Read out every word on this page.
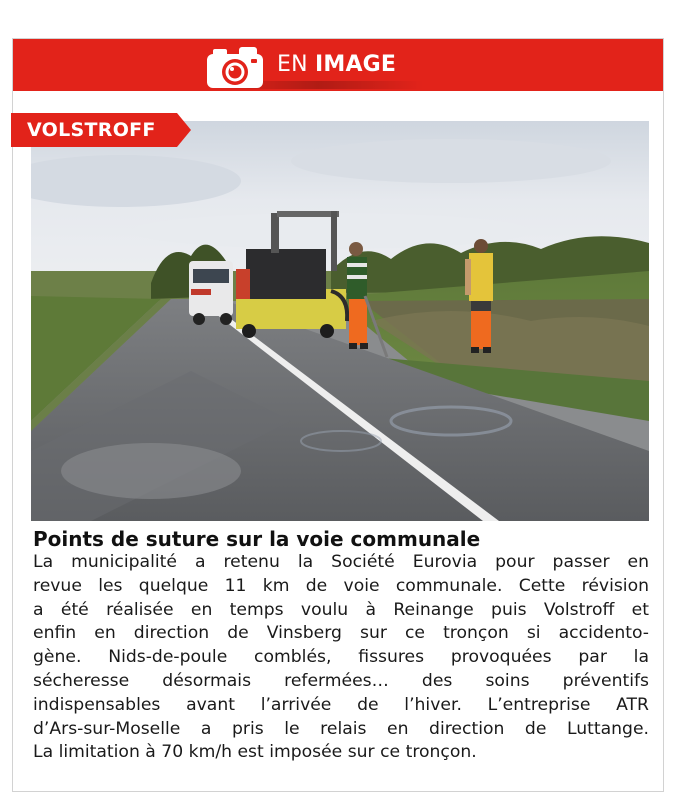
EN IMAGE
VOLSTROFF
Points de suture sur la voie communale
La municipalité a retenu la Société Eurovia pour passer en
revue les quelque 11 km de voie communale. Cette révision
a été réalisée en temps voulu à Reinange puis Volstroff et
enfin en direction de Vinsberg sur ce tronçon si accidento-
gène. Nids-de-poule comblés, fissures provoquées par la
sécheresse désormais refermées… des soins préventifs
indispensables avant l’arrivée de l’hiver. L’entreprise ATR
d’Ars-sur-Moselle a pris le relais en direction de Luttange.
La limitation à 70 km/h est imposée sur ce tronçon.
